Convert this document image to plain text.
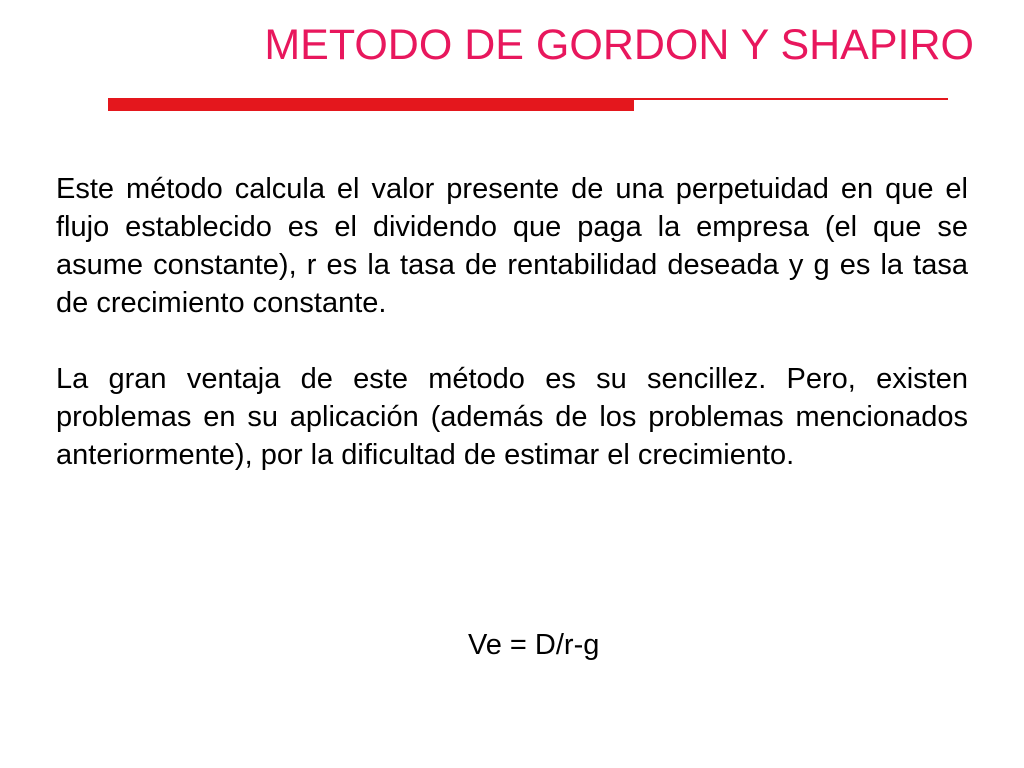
METODO DE GORDON Y SHAPIRO

Este método calcula el valor presente de una perpetuidad en que el flujo establecido es el dividendo que paga la empresa (el que se asume constante), r es la tasa de rentabilidad deseada y g es la tasa de crecimiento constante.

La gran ventaja de este método es su sencillez. Pero, existen problemas en su aplicación (además de los problemas mencionados anteriormente), por la dificultad de estimar el crecimiento.

Ve = D/r-g
